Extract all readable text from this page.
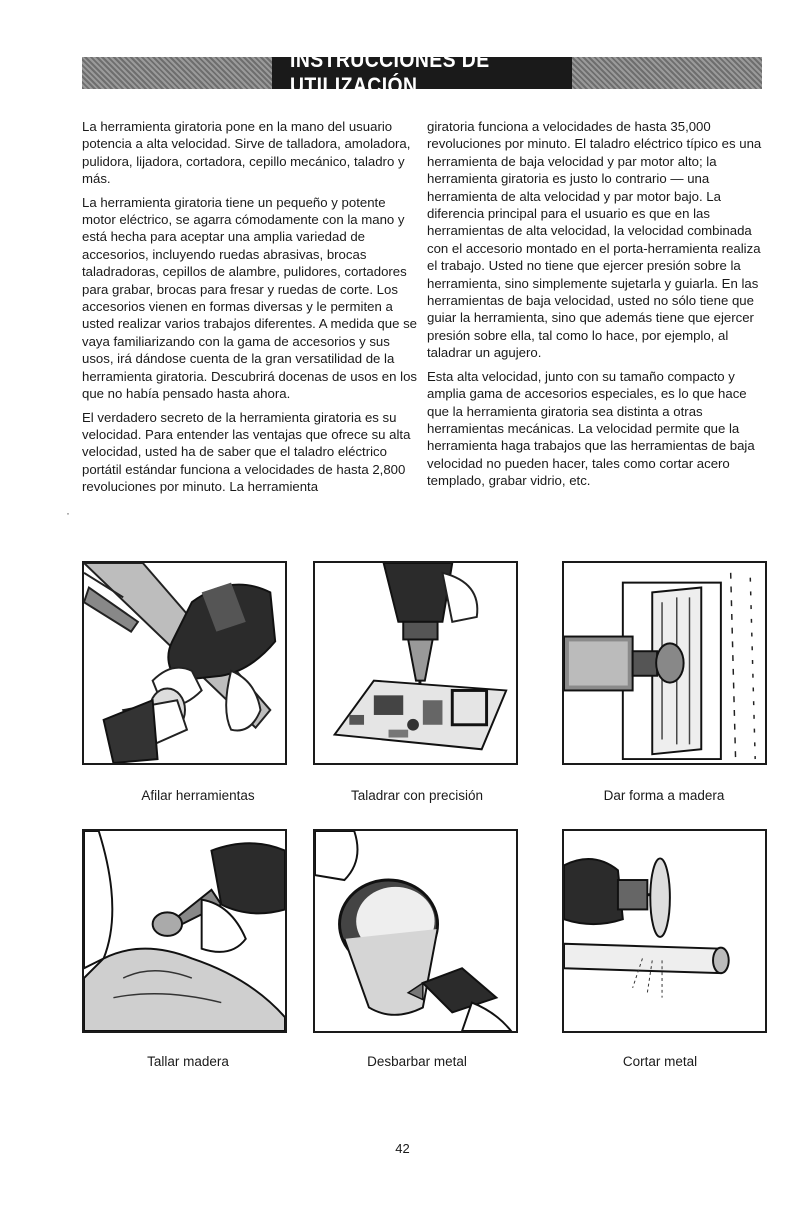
INSTRUCCIONES DE UTILIZACIÓN

La herramienta giratoria pone en la mano del usuario potencia a alta velocidad. Sirve de talladora, amoladora, pulidora, lijadora, cortadora, cepillo mecánico, taladro y más.

La herramienta giratoria tiene un pequeño y potente motor eléctrico, se agarra cómodamente con la mano y está hecha para aceptar una amplia variedad de accesorios, incluyendo ruedas abrasivas, brocas taladradoras, cepillos de alambre, pulidores, cortadores para grabar, brocas para fresar y ruedas de corte. Los accesorios vienen en formas diversas y le permiten a usted realizar varios trabajos diferentes. A medida que se vaya familiarizando con la gama de accesorios y sus usos, irá dándose cuenta de la gran versatilidad de la herramienta giratoria. Descubrirá docenas de usos en los que no había pensado hasta ahora.

El verdadero secreto de la herramienta giratoria es su velocidad. Para entender las ventajas que ofrece su alta velocidad, usted ha de saber que el taladro eléctrico portátil estándar funciona a velocidades de hasta 2,800 revoluciones por minuto. La herramienta

giratoria funciona a velocidades de hasta 35,000 revoluciones por minuto. El taladro eléctrico típico es una herramienta de baja velocidad y par motor alto; la herramienta giratoria es justo lo contrario — una herramienta de alta velocidad y par motor bajo. La diferencia principal para el usuario es que en las herramientas de alta velocidad, la velocidad combinada con el accesorio montado en el porta-herramienta realiza el trabajo. Usted no tiene que ejercer presión sobre la herramienta, sino simplemente sujetarla y guiarla. En las herramientas de baja velocidad, usted no sólo tiene que guiar la herramienta, sino que además tiene que ejercer presión sobre ella, tal como lo hace, por ejemplo, al taladrar un agujero.

Esta alta velocidad, junto con su tamaño compacto y amplia gama de accesorios especiales, es lo que hace que la herramienta giratoria sea distinta a otras herramientas mecánicas. La velocidad permite que la herramienta haga trabajos que las herramientas de baja velocidad no pueden hacer, tales como cortar acero templado, grabar vidrio, etc.

·
Afilar herramientas	Taladrar con precisión	Dar forma a madera
Tallar madera	Desbarbar metal	Cortar metal
42
